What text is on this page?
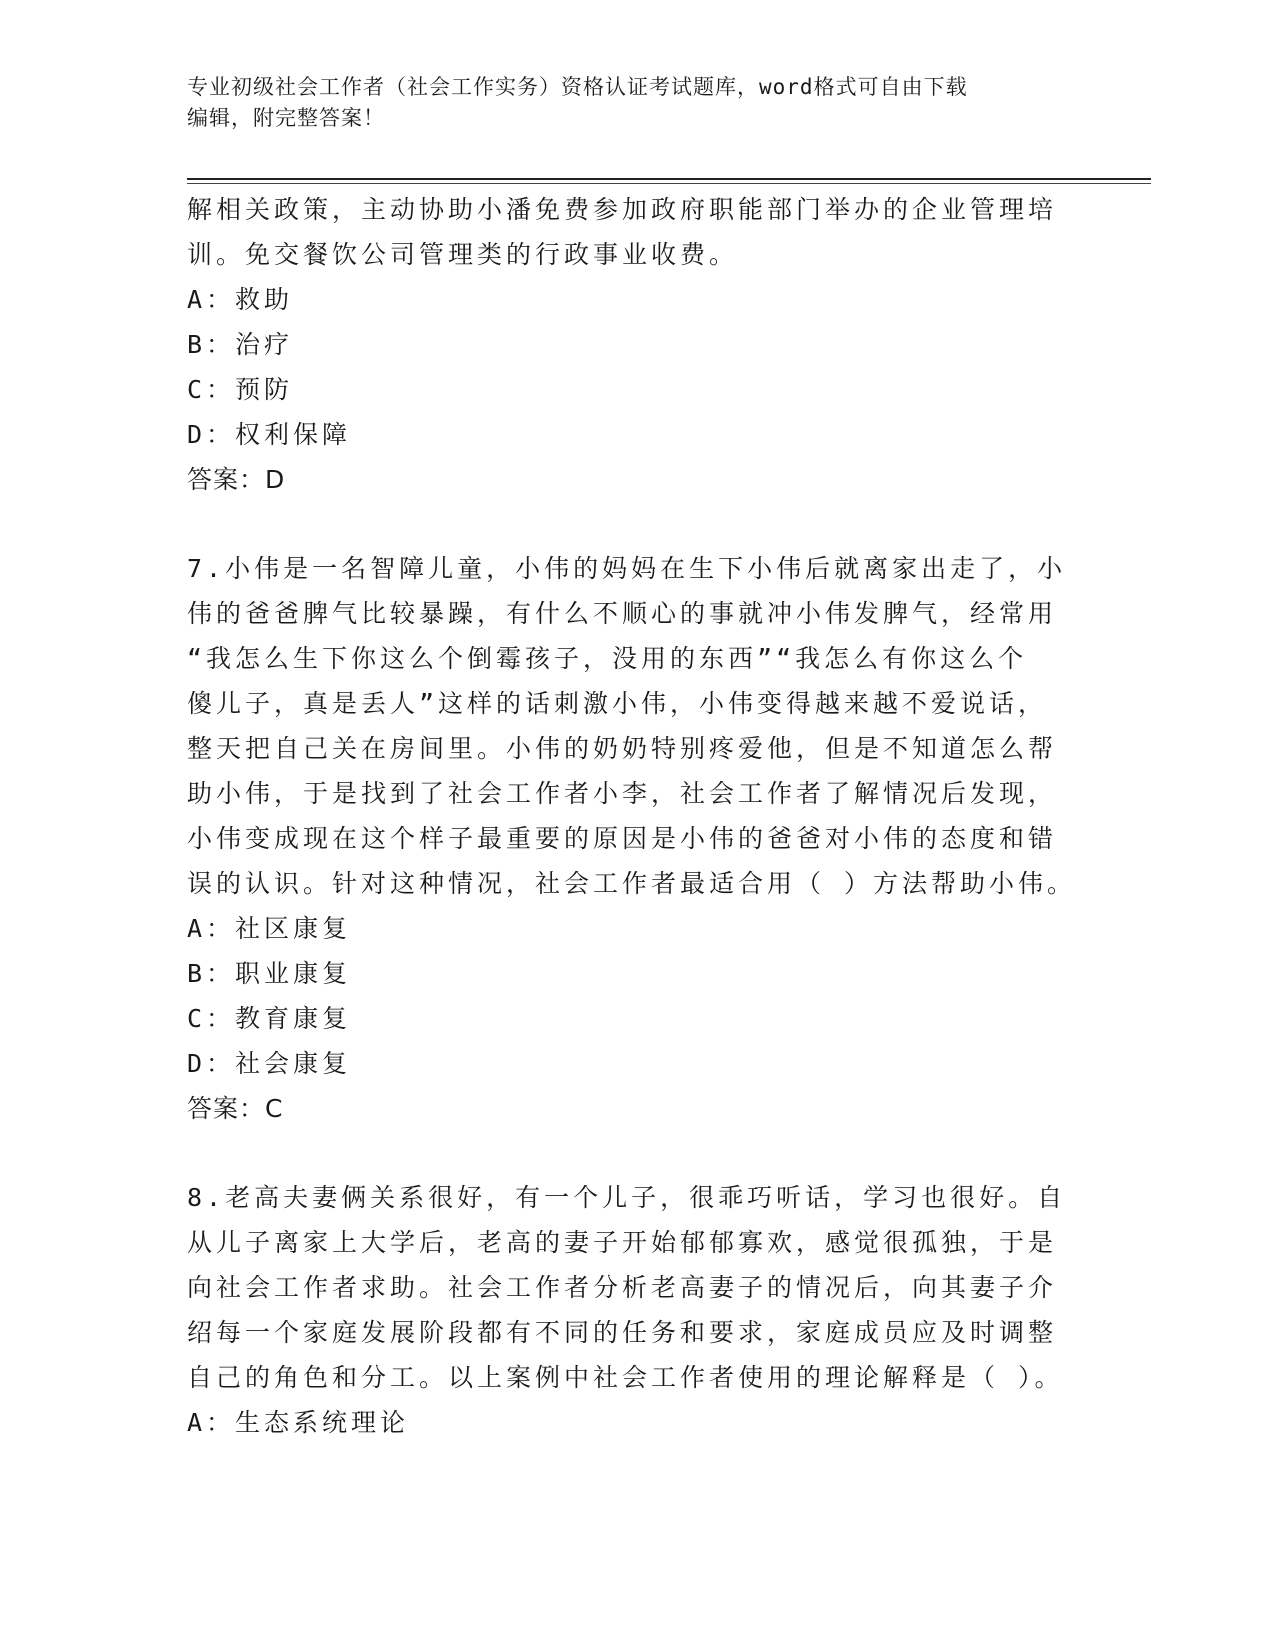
专业初级社会工作者（社会工作实务）资格认证考试题库，word格式可自由下载
编辑，附完整答案！
解相关政策，主动协助小潘免费参加政府职能部门举办的企业管理培
训。免交餐饮公司管理类的行政事业收费。
A：救助
B：治疗
C：预防
D：权利保障
答案：D
7.小伟是一名智障儿童，小伟的妈妈在生下小伟后就离家出走了，小
伟的爸爸脾气比较暴躁，有什么不顺心的事就冲小伟发脾气，经常用
“我怎么生下你这么个倒霉孩子，没用的东西”“我怎么有你这么个
傻儿子，真是丢人”这样的话刺激小伟，小伟变得越来越不爱说话，
整天把自己关在房间里。小伟的奶奶特别疼爱他，但是不知道怎么帮
助小伟，于是找到了社会工作者小李，社会工作者了解情况后发现，
小伟变成现在这个样子最重要的原因是小伟的爸爸对小伟的态度和错
误的认识。针对这种情况，社会工作者最适合用（ ）方法帮助小伟。
A：社区康复
B：职业康复
C：教育康复
D：社会康复
答案：C
8.老高夫妻俩关系很好，有一个儿子，很乖巧听话，学习也很好。自
从儿子离家上大学后，老高的妻子开始郁郁寡欢，感觉很孤独，于是
向社会工作者求助。社会工作者分析老高妻子的情况后，向其妻子介
绍每一个家庭发展阶段都有不同的任务和要求，家庭成员应及时调整
自己的角色和分工。以上案例中社会工作者使用的理论解释是（ ）。
A：生态系统理论
